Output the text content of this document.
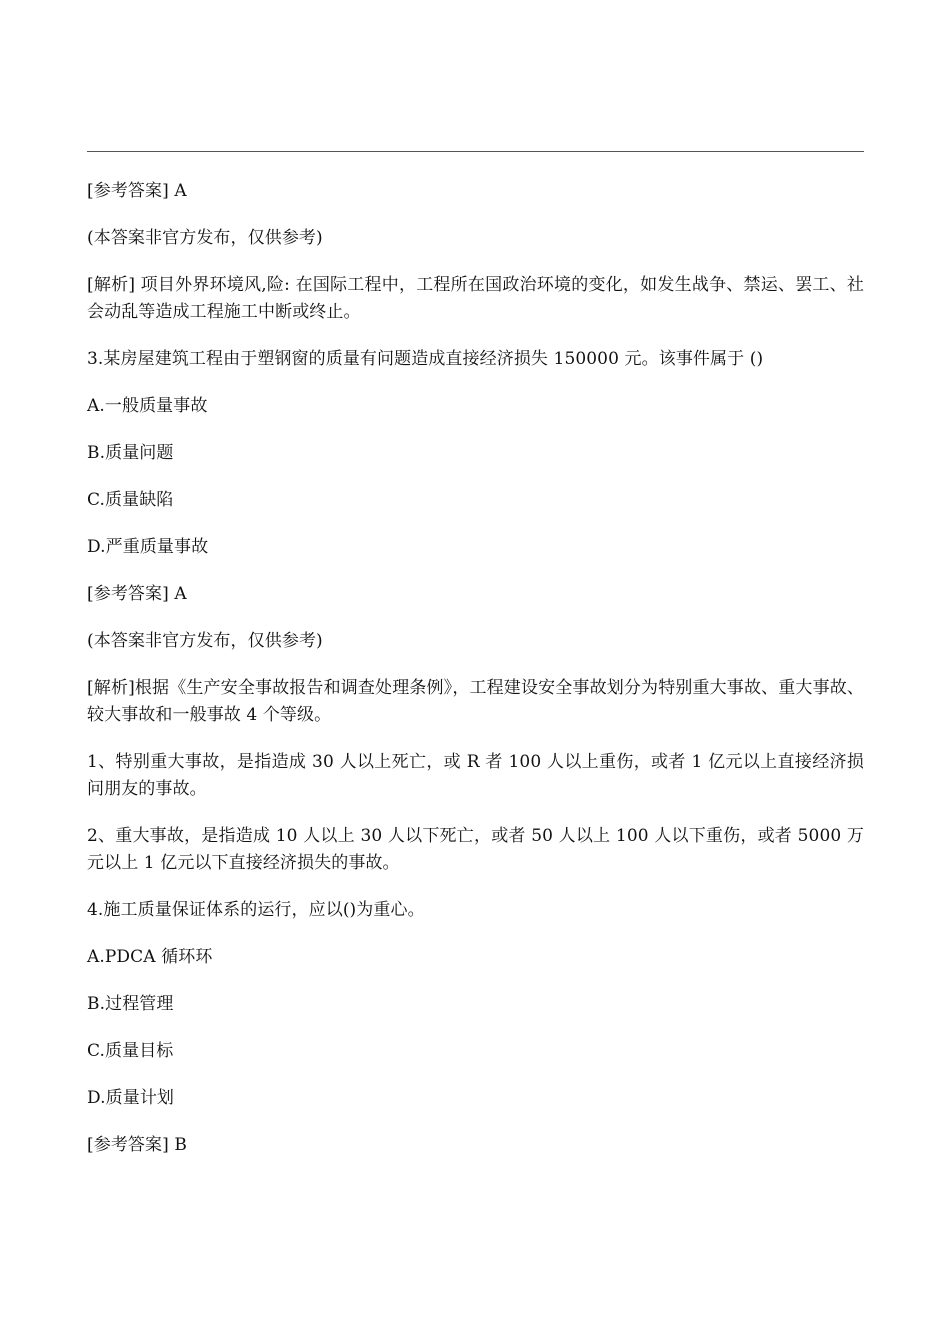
[参考答案] A

(本答案非官方发布，仅供参考)

[解析] 项目外界环境风,险: 在国际工程中，工程所在国政治环境的变化，如发生战争、禁运、罢工、社会动乱等造成工程施工中断或终止。

3.某房屋建筑工程由于塑钢窗的质量有问题造成直接经济损失 150000 元。该事件属于 ()

A.一般质量事故

B.质量问题

C.质量缺陷

D.严重质量事故

[参考答案] A

(本答案非官方发布，仅供参考)

[解析]根据《生产安全事故报告和调查处理条例》，工程建设安全事故划分为特别重大事故、重大事故、较大事故和一般事故 4 个等级。

1、特别重大事故，是指造成 30 人以上死亡，或 R 者 100 人以上重伤，或者 1 亿元以上直接经济损问朋友的事故。

2、重大事故，是指造成 10 人以上 30 人以下死亡，或者 50 人以上 100 人以下重伤，或者 5000 万元以上 1 亿元以下直接经济损失的事故。

4.施工质量保证体系的运行，应以()为重心。

A.PDCA 循环环

B.过程管理

C.质量目标

D.质量计划

[参考答案] B
